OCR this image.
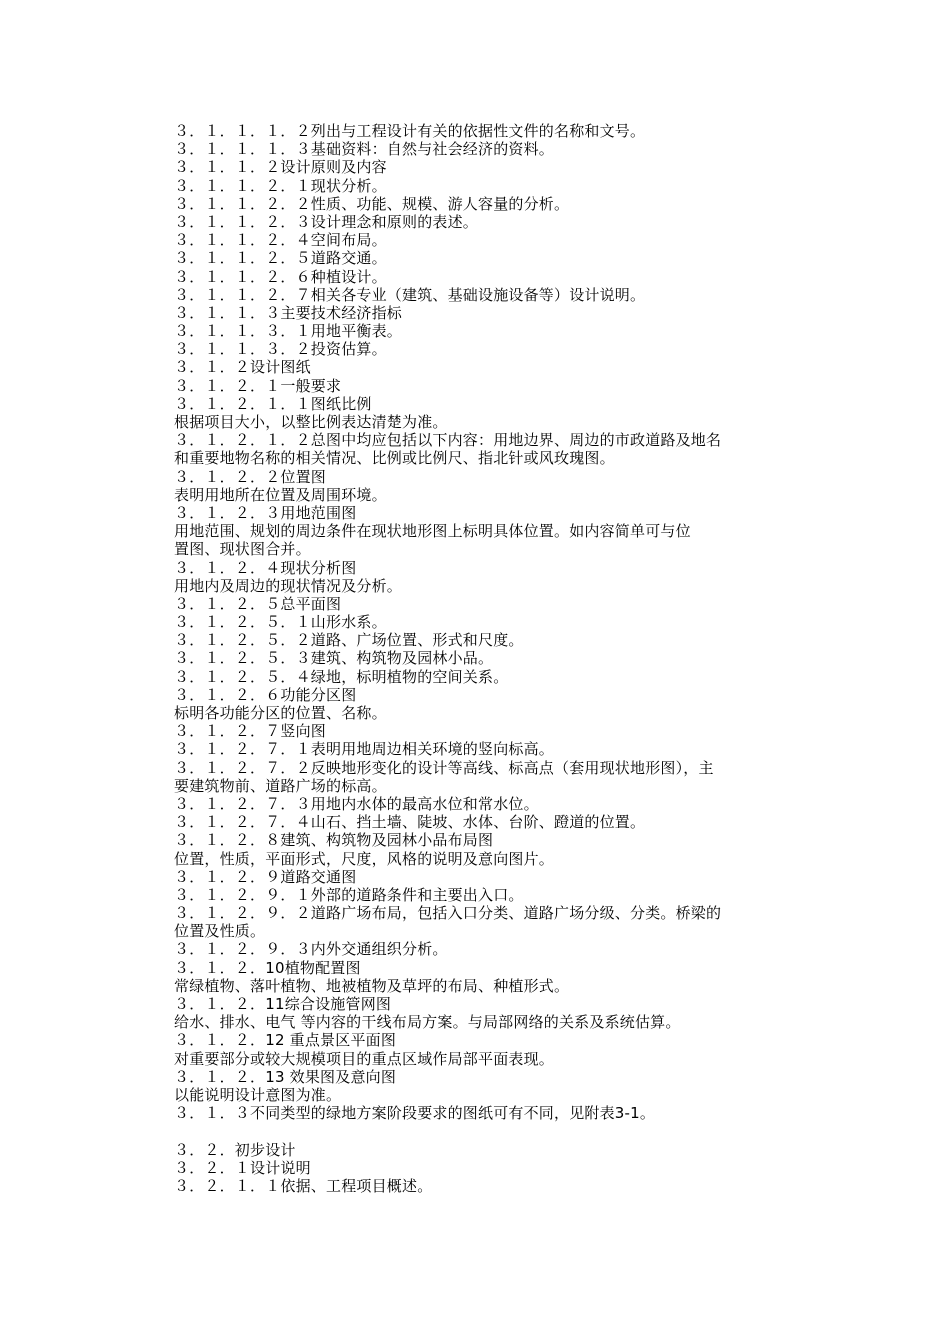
３．１．１．１．２列出与工程设计有关的依据性文件的名称和文号。
３．１．１．１．３基础资料：自然与社会经济的资料。
３．１．１．２设计原则及内容
３．１．１．２．１现状分析。
３．１．１．２．２性质、功能、规模、游人容量的分析。
３．１．１．２．３设计理念和原则的表述。
３．１．１．２．４空间布局。
３．１．１．２．５道路交通。
３．１．１．２．６种植设计。
３．１．１．２．７相关各专业（建筑、基础设施设备等）设计说明。
３．１．１．３主要技术经济指标
３．１．１．３．１用地平衡表。
３．１．１．３．２投资估算。
３．１．２设计图纸
３．１．２．１一般要求
３．１．２．１．１图纸比例
根据项目大小，以整比例表达清楚为准。
３．１．２．１．２总图中均应包括以下内容：用地边界、周边的市政道路及地名
和重要地物名称的相关情况、比例或比例尺、指北针或风玫瑰图。
３．１．２．２位置图
表明用地所在位置及周围环境。
３．１．２．３用地范围图
用地范围、规划的周边条件在现状地形图上标明具体位置。如内容简单可与位
置图、现状图合并。
３．１．２．４现状分析图
用地内及周边的现状情况及分析。
３．１．２．５总平面图
３．１．２．５．１山形水系。
３．１．２．５．２道路、广场位置、形式和尺度。
３．１．２．５．３建筑、构筑物及园林小品。
３．１．２．５．４绿地，标明植物的空间关系。
３．１．２．６功能分区图
标明各功能分区的位置、名称。
３．１．２．７竖向图
３．１．２．７．１表明用地周边相关环境的竖向标高。
３．１．２．７．２反映地形变化的设计等高线、标高点（套用现状地形图），主
要建筑物前、道路广场的标高。
３．１．２．７．３用地内水体的最高水位和常水位。
３．１．２．７．４山石、挡土墙、陡坡、水体、台阶、蹬道的位置。
３．１．２．８建筑、构筑物及园林小品布局图
位置，性质，平面形式，尺度，风格的说明及意向图片。
３．１．２．９道路交通图
３．１．２．９．１外部的道路条件和主要出入口。
３．１．２．９．２道路广场布局，包括入口分类、道路广场分级、分类。桥梁的
位置及性质。
３．１．２．９．３内外交通组织分析。
３．１．２．10植物配置图
常绿植物、落叶植物、地被植物及草坪的布局、种植形式。
３．１．２．11综合设施管网图
给水、排水、电气 等内容的干线布局方案。与局部网络的关系及系统估算。
３．１．２．12 重点景区平面图
对重要部分或较大规模项目的重点区域作局部平面表现。
３．１．２．13 效果图及意向图
以能说明设计意图为准。
３．１．３不同类型的绿地方案阶段要求的图纸可有不同，见附表3-1。
３．２．初步设计
３．２．１设计说明
３．２．１．１依据、工程项目概述。
